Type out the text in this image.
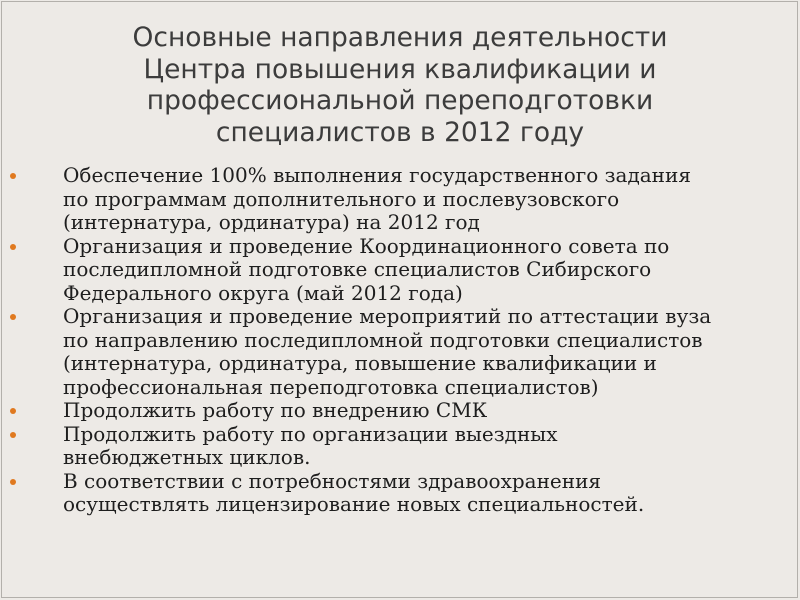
Основные направления деятельности
Центра повышения квалификации и
профессиональной переподготовки
специалистов в 2012 году
Обеспечение 100% выполнения государственного задания
по программам дополнительного и послевузовского
(интернатура, ординатура) на 2012 год
Организация и проведение Координационного совета по
последипломной подготовке специалистов Сибирского
Федерального округа (май 2012 года)
Организация и проведение мероприятий по аттестации вуза
по направлению последипломной подготовки специалистов
(интернатура, ординатура, повышение квалификации и
профессиональная переподготовка специалистов)
Продолжить работу по внедрению СМК
Продолжить работу по организации выездных
внебюджетных циклов.
В соответствии с потребностями здравоохранения
осуществлять лицензирование новых специальностей.
